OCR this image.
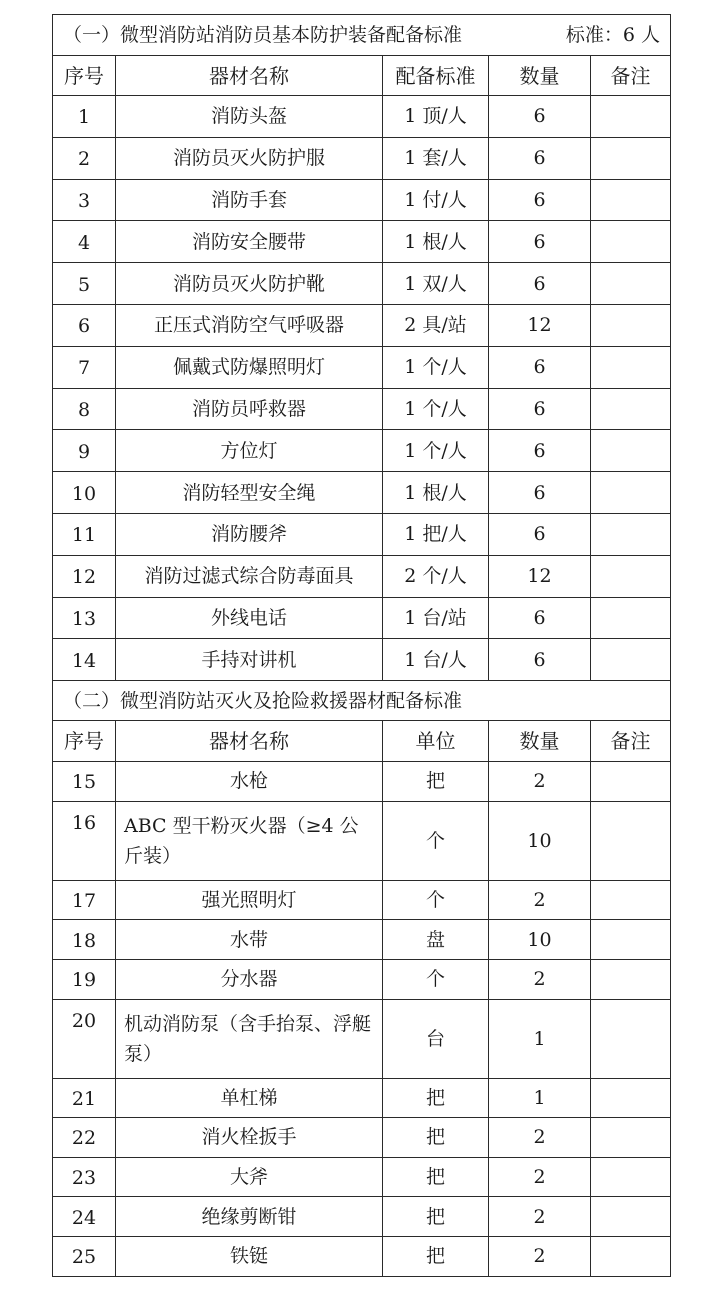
标准：6 人
（一）微型消防站消防员基本防护装备配备标准				
序号	器材名称	配备标准	数量	备注
1	消防头盔	1 顶/人	6	
2	消防员灭火防护服	1 套/人	6	
3	消防手套	1 付/人	6	
4	消防安全腰带	1 根/人	6	
5	消防员灭火防护靴	1 双/人	6	
6	正压式消防空气呼吸器	2 具/站	12	
7	佩戴式防爆照明灯	1 个/人	6	
8	消防员呼救器	1 个/人	6	
9	方位灯	1 个/人	6	
10	消防轻型安全绳	1 根/人	6	
11	消防腰斧	1 把/人	6	
12	消防过滤式综合防毒面具	2 个/人	12	
13	外线电话	1 台/站	6	
14	手持对讲机	1 台/人	6	
（二）微型消防站灭火及抢险救援器材配备标准				
序号	器材名称	单位	数量	备注
15	水枪	把	2	
16	ABC 型干粉灭火器（≥4 公斤装）	个	10	
17	强光照明灯	个	2	
18	水带	盘	10	
19	分水器	个	2	
20	机动消防泵（含手抬泵、浮艇泵）	台	1	
21	单杠梯	把	1	
22	消火栓扳手	把	2	
23	大斧	把	2	
24	绝缘剪断钳	把	2	
25	铁铤	把	2	
